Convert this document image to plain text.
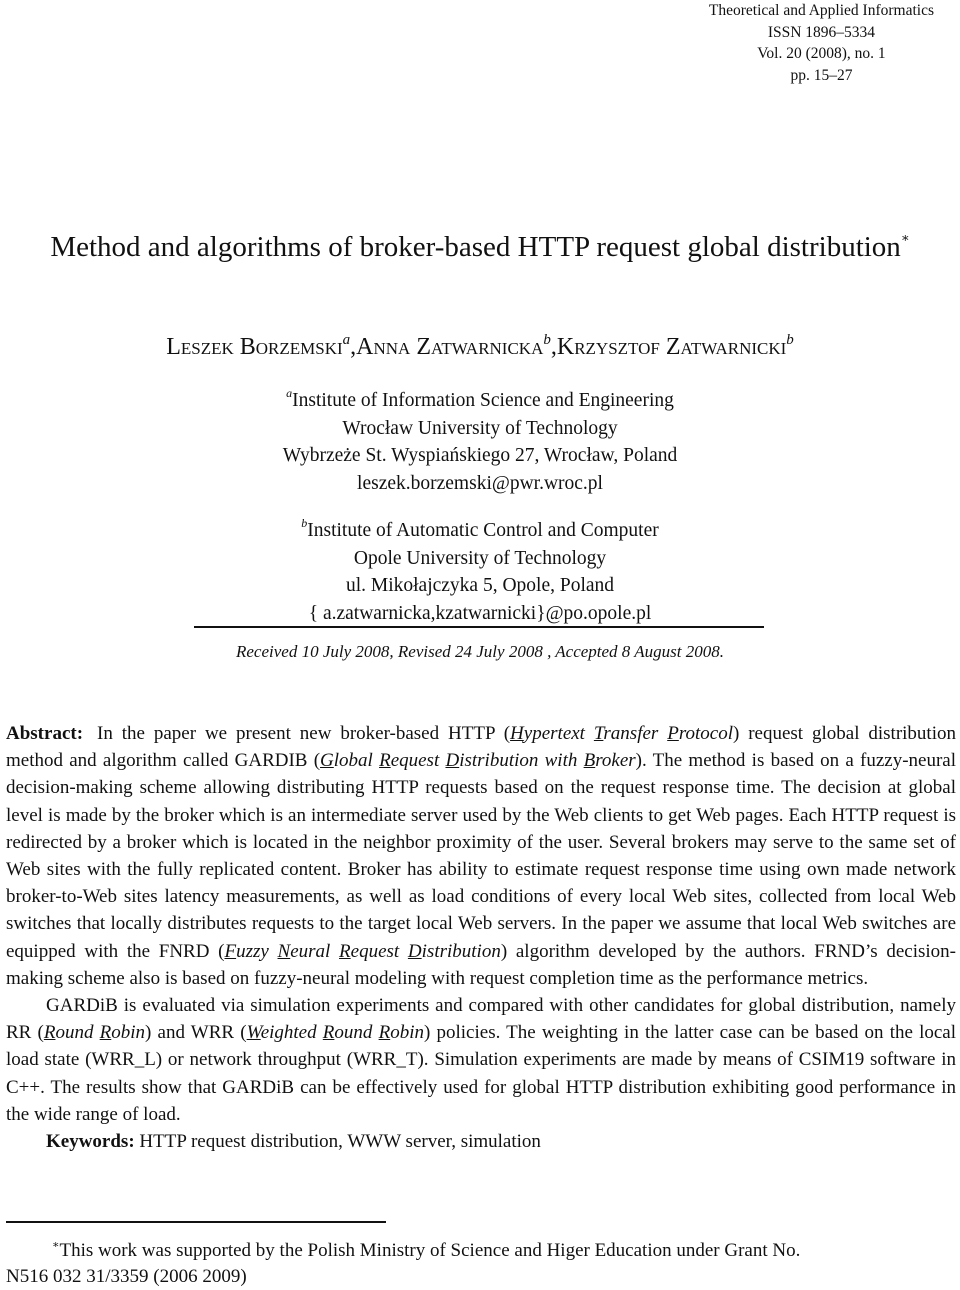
Theoretical and Applied Informatics
ISSN 1896–5334
Vol. 20 (2008), no. 1
pp. 15–27
Method and algorithms of broker-based HTTP request global distribution∗
Leszek Borzemski$^a$,Anna Zatwarnicka$^b$,Krzysztof Zatwarnicki$^b$
$^a$Institute of Information Science and Engineering
Wrocław University of Technology
Wybrzeże St. Wyspiańskiego 27, Wrocław, Poland
leszek.borzemski@pwr.wroc.pl
$^b$Institute of Automatic Control and Computer
Opole University of Technology
ul. Mikołajczyka 5, Opole, Poland
{ a.zatwarnicka,kzatwarnicki}@po.opole.pl
Received 10 July 2008, Revised 24 July 2008 , Accepted 8 August 2008.

Abstract: In the paper we present new broker-based HTTP (Hypertext Transfer Protocol) request global distribution method and algorithm called GARDIB (Global Request Distribution with Broker). The method is based on a fuzzy-neural decision-making scheme allowing distributing HTTP requests based on the request response time. The decision at global level is made by the broker which is an intermediate server used by the Web clients to get Web pages. Each HTTP request is redirected by a broker which is located in the neighbor proximity of the user. Several brokers may serve to the same set of Web sites with the fully replicated content. Broker has ability to estimate request response time using own made network broker-to-Web sites latency measurements, as well as load conditions of every local Web sites, collected from local Web switches that locally distributes requests to the target local Web servers. In the paper we assume that local Web switches are equipped with the FNRD (Fuzzy Neural Request Distribution) algorithm developed by the authors. FRND’s decision-making scheme also is based on fuzzy-neural modeling with request completion time as the performance metrics.

GARDiB is evaluated via simulation experiments and compared with other candidates for global distribution, namely RR (Round Robin) and WRR (Weighted Round Robin) policies. The weighting in the latter case can be based on the local load state (WRR_L) or network throughput (WRR_T). Simulation experiments are made by means of CSIM19 software in C++. The results show that GARDiB can be effectively used for global HTTP distribution exhibiting good performance in the wide range of load.

Keywords: HTTP request distribution, WWW server, simulation

∗This work was supported by the Polish Ministry of Science and Higer Education under Grant No.
N516 032 31/3359 (2006 2009)
